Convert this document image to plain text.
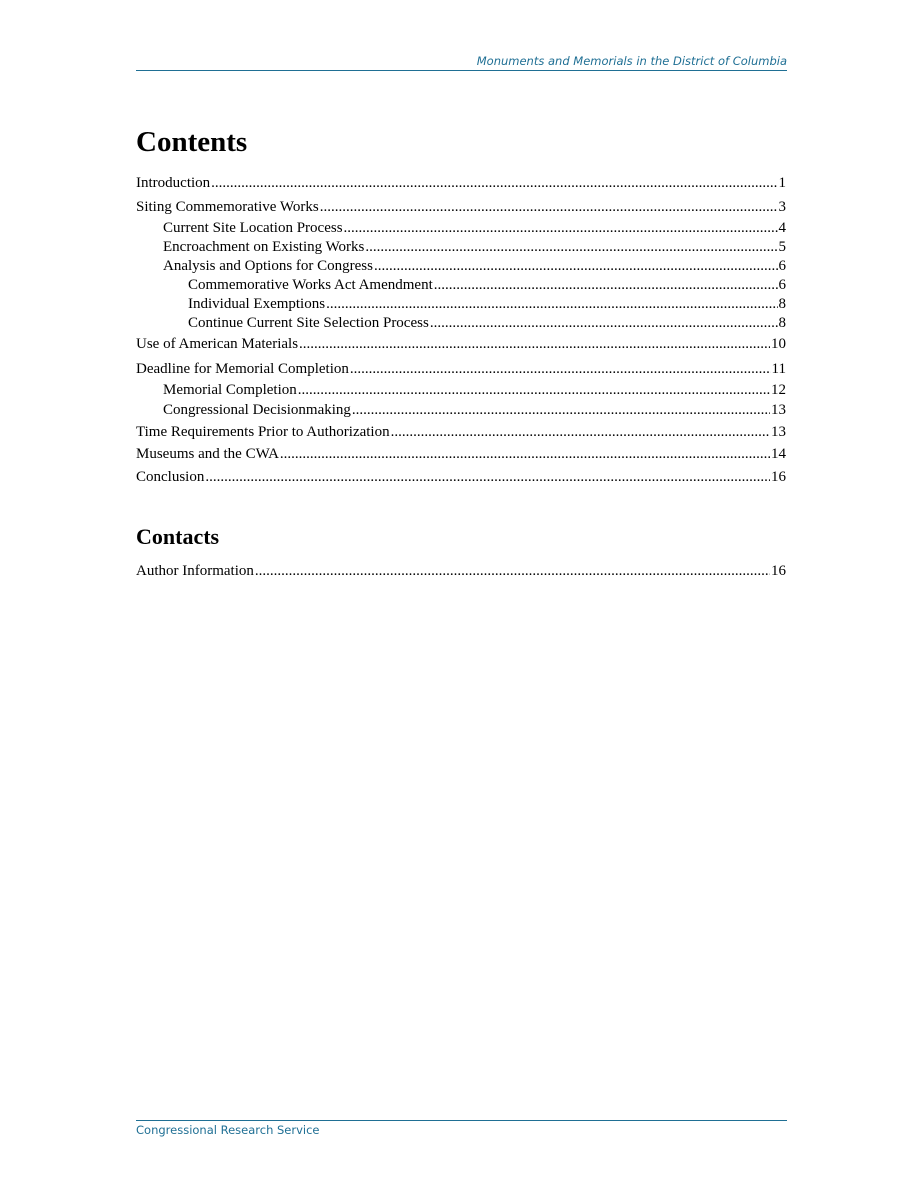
Monuments and Memorials in the District of Columbia
Contents
Introduction .....	1
Siting Commemorative Works .....	3
Current Site Location Process .....	4
Encroachment on Existing Works .....	5
Analysis and Options for Congress .....	6
Commemorative Works Act Amendment .....	6
Individual Exemptions .....	8
Continue Current Site Selection Process .....	8
Use of American Materials .....	10
Deadline for Memorial Completion .....	11
Memorial Completion .....	12
Congressional Decisionmaking .....	13
Time Requirements Prior to Authorization .....	13
Museums and the CWA .....	14
Conclusion .....	16
Contacts
Author Information .....	16
Congressional Research Service
